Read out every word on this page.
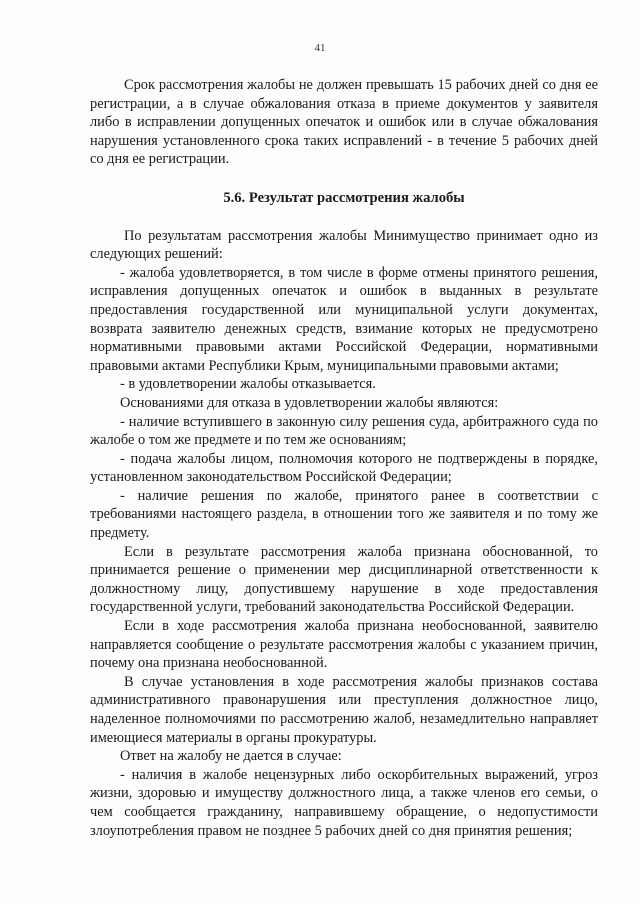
41

Срок рассмотрения жалобы не должен превышать 15 рабочих дней со дня ее регистрации, а в случае обжалования отказа в приеме документов у заявителя либо в исправлении допущенных опечаток и ошибок или в случае обжалования нарушения установленного срока таких исправлений - в течение 5 рабочих дней со дня ее регистрации.

5.6. Результат рассмотрения жалобы

По результатам рассмотрения жалобы Минимущество принимает одно из следующих решений:

- жалоба удовлетворяется, в том числе в форме отмены принятого решения, исправления допущенных опечаток и ошибок в выданных в результате предоставления государственной или муниципальной услуги документах, возврата заявителю денежных средств, взимание которых не предусмотрено нормативными правовыми актами Российской Федерации, нормативными правовыми актами Республики Крым, муниципальными правовыми актами;

- в удовлетворении жалобы отказывается.

Основаниями для отказа в удовлетворении жалобы являются:

- наличие вступившего в законную силу решения суда, арбитражного суда по жалобе о том же предмете и по тем же основаниям;

- подача жалобы лицом, полномочия которого не подтверждены в порядке, установленном законодательством Российской Федерации;

- наличие решения по жалобе, принятого ранее в соответствии с требованиями настоящего раздела, в отношении того же заявителя и по тому же предмету.

Если в результате рассмотрения жалоба признана обоснованной, то принимается решение о применении мер дисциплинарной ответственности к должностному лицу, допустившему нарушение в ходе предоставления государственной услуги, требований законодательства Российской Федерации.

Если в ходе рассмотрения жалоба признана необоснованной, заявителю направляется сообщение о результате рассмотрения жалобы с указанием причин, почему она признана необоснованной.

В случае установления в ходе рассмотрения жалобы признаков состава административного правонарушения или преступления должностное лицо, наделенное полномочиями по рассмотрению жалоб, незамедлительно направляет имеющиеся материалы в органы прокуратуры.

Ответ на жалобу не дается в случае:

- наличия в жалобе нецензурных либо оскорбительных выражений, угроз жизни, здоровью и имуществу должностного лица, а также членов его семьи, о чем сообщается гражданину, направившему обращение, о недопустимости злоупотребления правом не позднее 5 рабочих дней со дня принятия решения;
